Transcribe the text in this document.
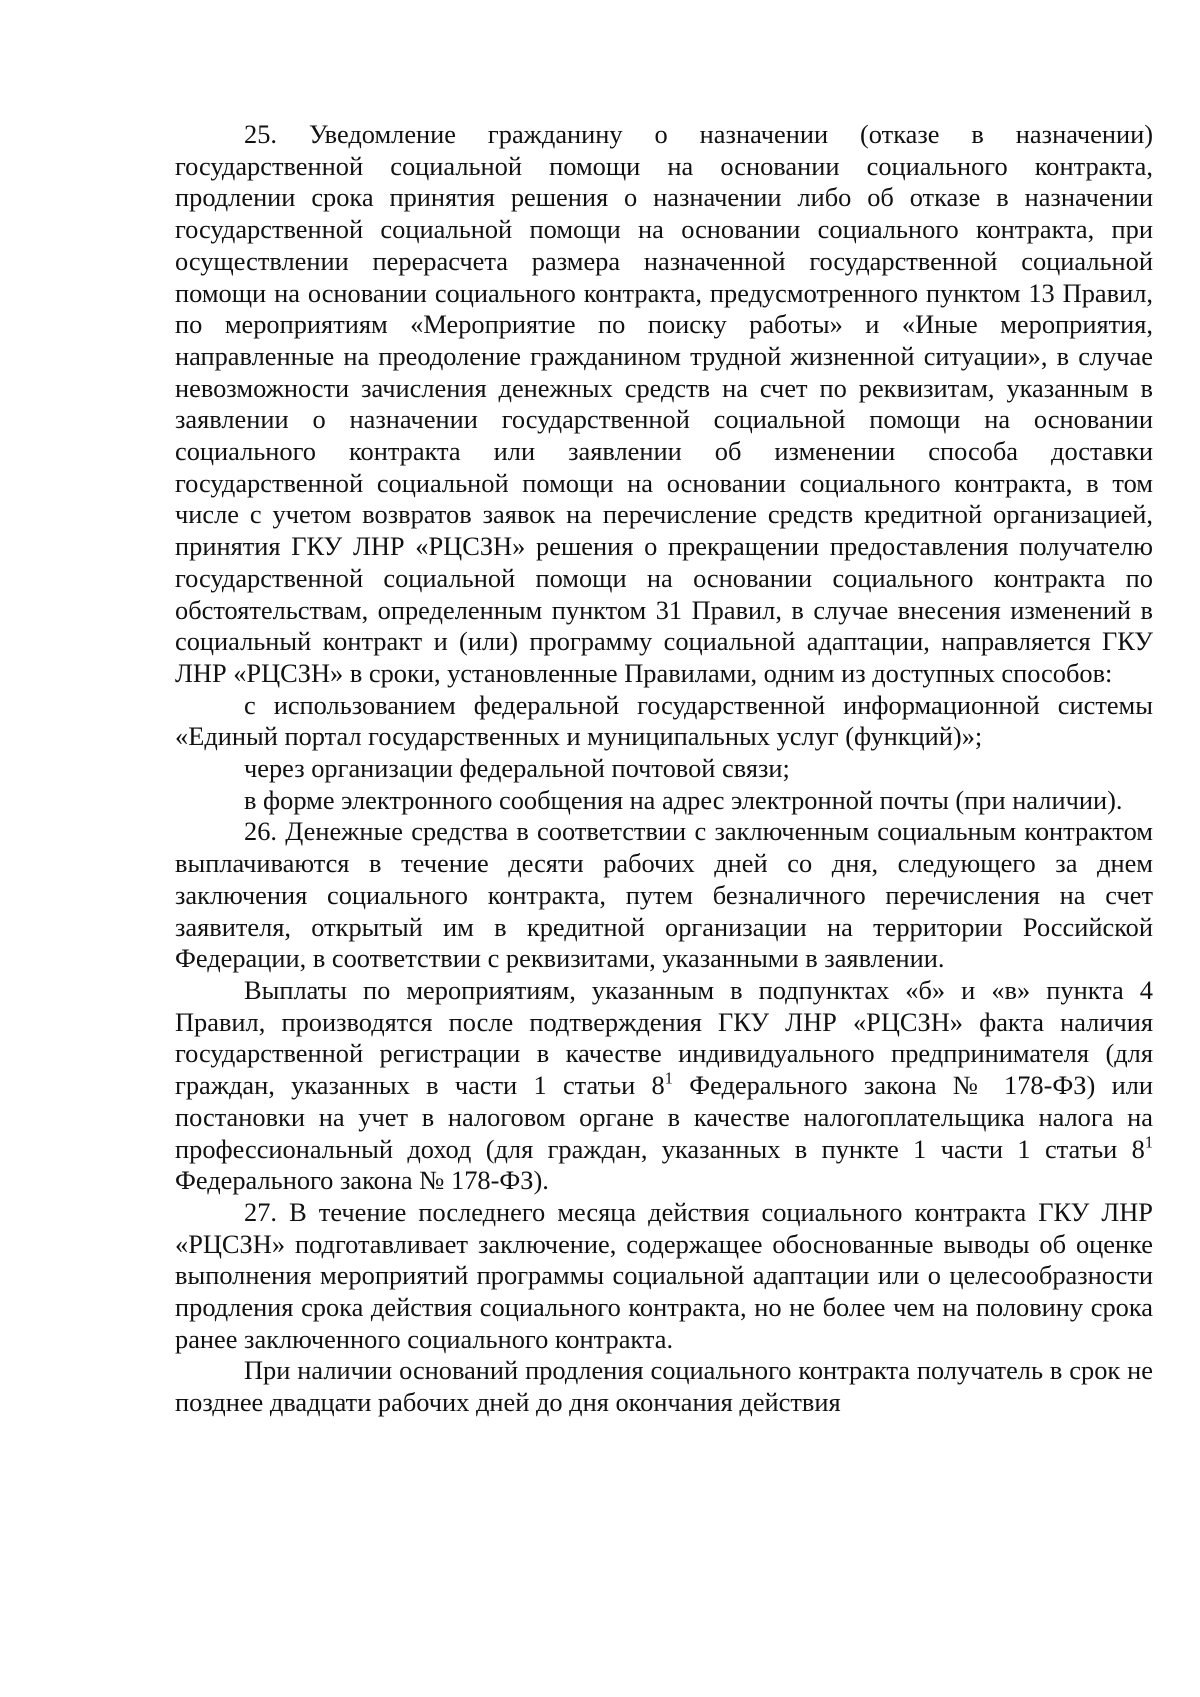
25. Уведомление гражданину о назначении (отказе в назначении) государственной социальной помощи на основании социального контракта, продлении срока принятия решения о назначении либо об отказе в назначении государственной социальной помощи на основании социального контракта, при осуществлении перерасчета размера назначенной государственной социальной помощи на основании социального контракта, предусмотренного пунктом 13 Правил, по мероприятиям «Мероприятие по поиску работы» и «Иные мероприятия, направленные на преодоление гражданином трудной жизненной ситуации», в случае невозможности зачисления денежных средств на счет по реквизитам, указанным в заявлении о назначении государственной социальной помощи на основании социального контракта или заявлении об изменении способа доставки государственной социальной помощи на основании социального контракта, в том числе с учетом возвратов заявок на перечисление средств кредитной организацией, принятия ГКУ ЛНР «РЦСЗН» решения о прекращении предоставления получателю государственной социальной помощи на основании социального контракта по обстоятельствам, определенным пунктом 31 Правил, в случае внесения изменений в социальный контракт и (или) программу социальной адаптации, направляется ГКУ ЛНР «РЦСЗН» в сроки, установленные Правилами, одним из доступных способов:

с использованием федеральной государственной информационной системы «Единый портал государственных и муниципальных услуг (функций)»;

через организации федеральной почтовой связи;

в форме электронного сообщения на адрес электронной почты (при наличии).

26. Денежные средства в соответствии с заключенным социальным контрактом выплачиваются в течение десяти рабочих дней со дня, следующего за днем заключения социального контракта, путем безналичного перечисления на счет заявителя, открытый им в кредитной организации на территории Российской Федерации, в соответствии с реквизитами, указанными в заявлении.

Выплаты по мероприятиям, указанным в подпунктах «б» и «в» пункта 4 Правил, производятся после подтверждения ГКУ ЛНР «РЦСЗН» факта наличия государственной регистрации в качестве индивидуального предпринимателя (для граждан, указанных в части 1 статьи $8^1$ Федерального закона № 178-ФЗ) или постановки на учет в налоговом органе в качестве налогоплательщика налога на профессиональный доход (для граждан, указанных в пункте 1 части 1 статьи $8^1$ Федерального закона № 178-ФЗ).

27. В течение последнего месяца действия социального контракта ГКУ ЛНР «РЦСЗН» подготавливает заключение, содержащее обоснованные выводы об оценке выполнения мероприятий программы социальной адаптации или о целесообразности продления срока действия социального контракта, но не более чем на половину срока ранее заключенного социального контракта.

При наличии оснований продления социального контракта получатель в срок не позднее двадцати рабочих дней до дня окончания действия
